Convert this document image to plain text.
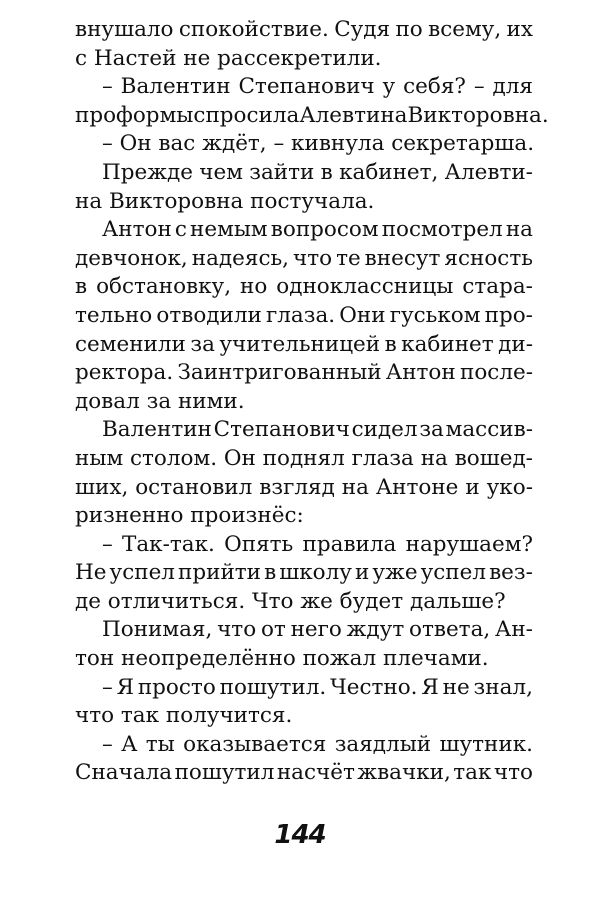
внушало спокойствие. Судя по всему, их
с Настей не рассекретили.
– Валентин Степанович у себя? – для
проформы спросила Алевтина Викторовна.
– Он вас ждёт, – кивнула секретарша.
Прежде чем зайти в кабинет, Алевти-
на Викторовна постучала.
Антон с немым вопросом посмотрел на
девчонок, надеясь, что те внесут ясность
в обстановку, но одноклассницы стара-
тельно отводили глаза. Они гуськом про-
семенили за учительницей в кабинет ди-
ректора. Заинтригованный Антон после-
довал за ними.
Валентин Степанович сидел за массив-
ным столом. Он поднял глаза на вошед-
ших, остановил взгляд на Антоне и уко-
ризненно произнёс:
– Так-так. Опять правила нарушаем?
Не успел прийти в школу и уже успел вез-
де отличиться. Что же будет дальше?
Понимая, что от него ждут ответа, Ан-
тон неопределённо пожал плечами.
– Я просто пошутил. Честно. Я не знал,
что так получится.
– А ты оказывается заядлый шутник.
Сначала пошутил насчёт жвачки, так что
144
